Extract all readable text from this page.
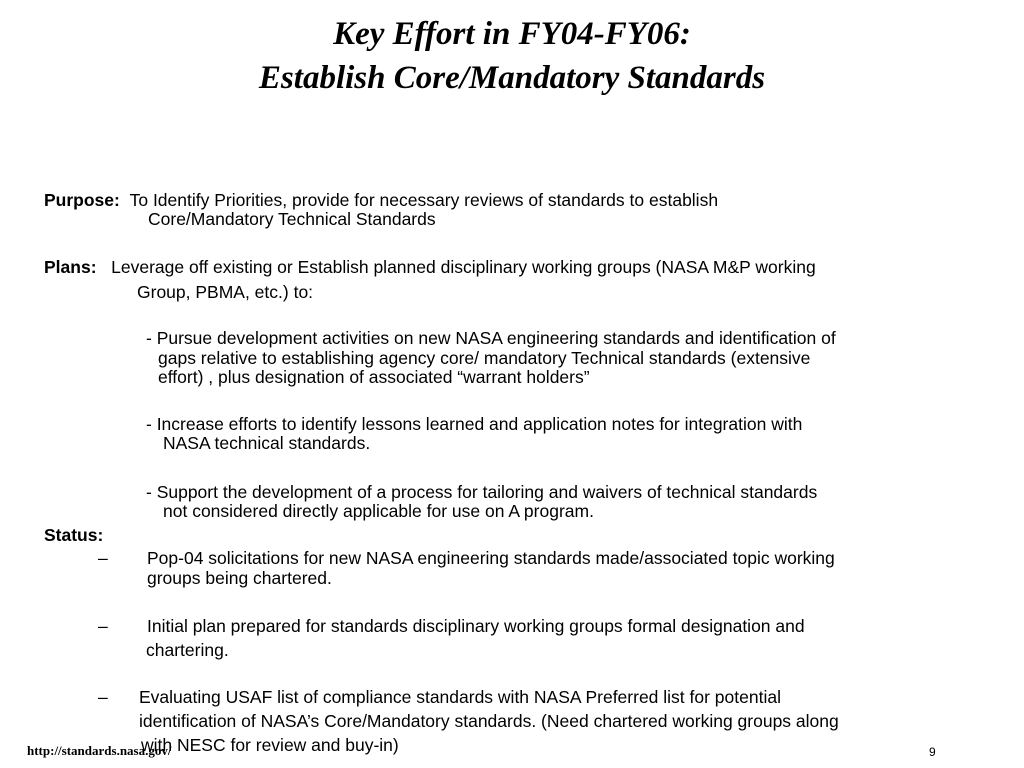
Key Effort in FY04-FY06:
Establish Core/Mandatory Standards
Purpose: To Identify Priorities, provide for necessary reviews of standards to establish
Core/Mandatory Technical Standards
Plans: Leverage off existing or Establish planned disciplinary working groups (NASA M&P working
Group, PBMA, etc.) to:
- Pursue development activities on new NASA engineering standards and identification of
gaps relative to establishing agency core/ mandatory Technical standards (extensive
effort) , plus designation of associated “warrant holders”
- Increase efforts to identify lessons learned and application notes for integration with
NASA technical standards.
- Support the development of a process for tailoring and waivers of technical standards
not considered directly applicable for use on A program.
Status:
– Pop-04 solicitations for new NASA engineering standards made/associated topic working
groups being chartered.
– Initial plan prepared for standards disciplinary working groups formal designation and
chartering.
– Evaluating USAF list of compliance standards with NASA Preferred list for potential
identification of NASA’s Core/Mandatory standards. (Need chartered working groups along
with NESC for review and buy-in)
http://standards.nasa.gov/	9
